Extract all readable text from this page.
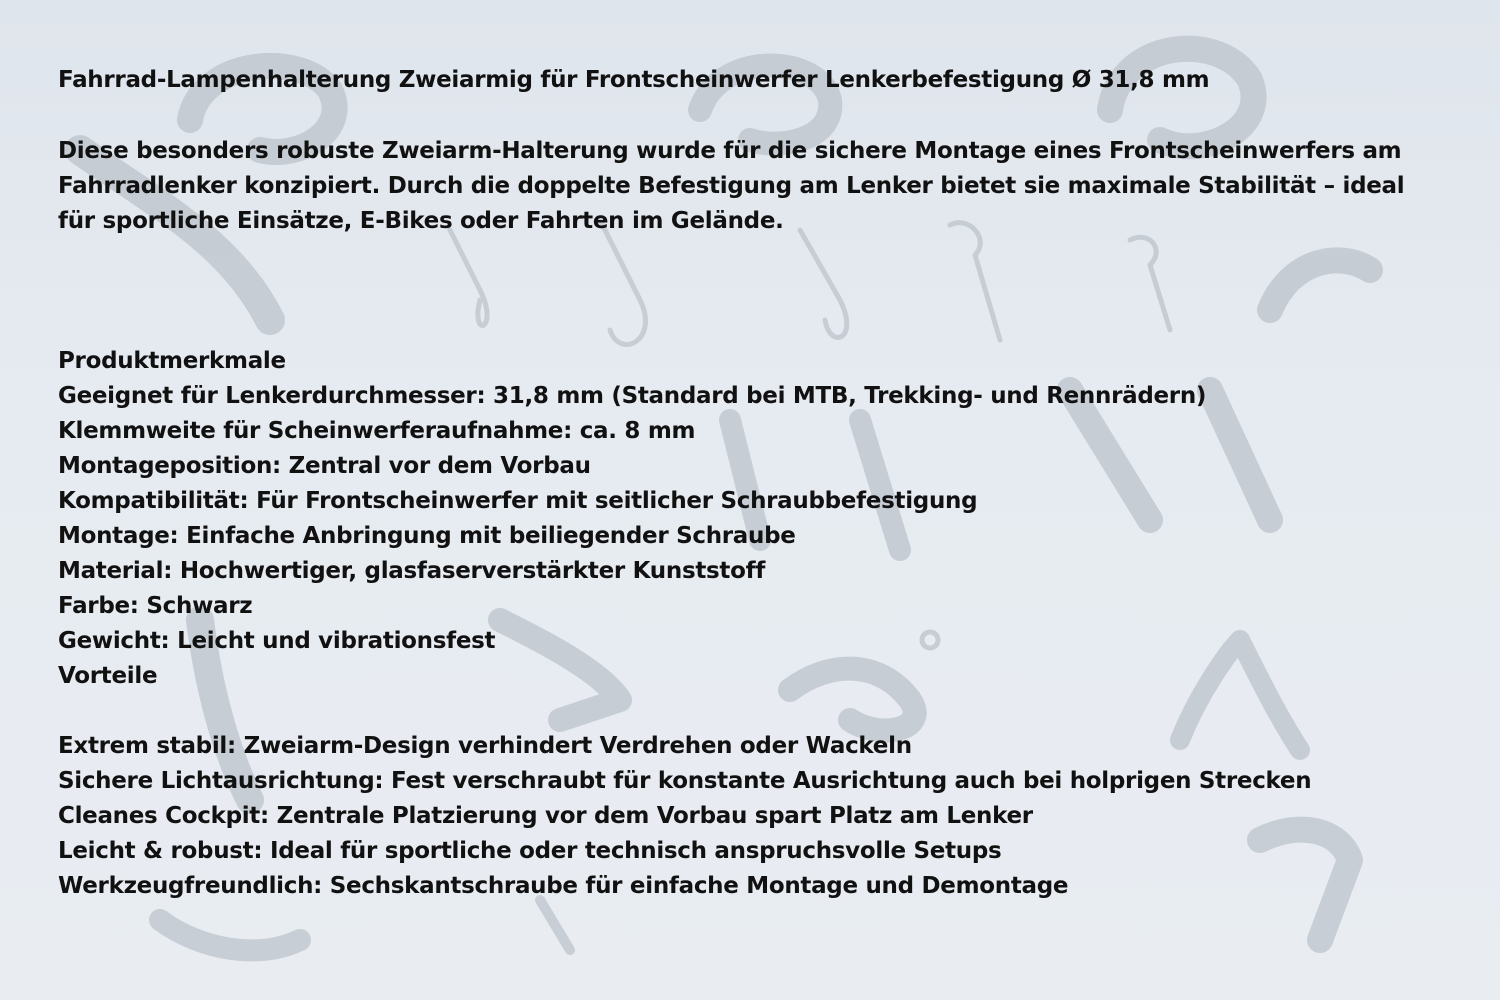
Fahrrad-Lampenhalterung Zweiarmig für Frontscheinwerfer Lenkerbefestigung Ø 31,8 mm
Diese besonders robuste Zweiarm-Halterung wurde für die sichere Montage eines Frontscheinwerfers am
Fahrradlenker konzipiert. Durch die doppelte Befestigung am Lenker bietet sie maximale Stabilität – ideal
für sportliche Einsätze, E-Bikes oder Fahrten im Gelände.
Produktmerkmale
Geeignet für Lenkerdurchmesser: 31,8 mm (Standard bei MTB, Trekking- und Rennrädern)
Klemmweite für Scheinwerferaufnahme: ca. 8 mm
Montageposition: Zentral vor dem Vorbau
Kompatibilität: Für Frontscheinwerfer mit seitlicher Schraubbefestigung
Montage: Einfache Anbringung mit beiliegender Schraube
Material: Hochwertiger, glasfaserverstärkter Kunststoff
Farbe: Schwarz
Gewicht: Leicht und vibrationsfest
Vorteile
Extrem stabil: Zweiarm-Design verhindert Verdrehen oder Wackeln
Sichere Lichtausrichtung: Fest verschraubt für konstante Ausrichtung auch bei holprigen Strecken
Cleanes Cockpit: Zentrale Platzierung vor dem Vorbau spart Platz am Lenker
Leicht & robust: Ideal für sportliche oder technisch anspruchsvolle Setups
Werkzeugfreundlich: Sechskantschraube für einfache Montage und Demontage
